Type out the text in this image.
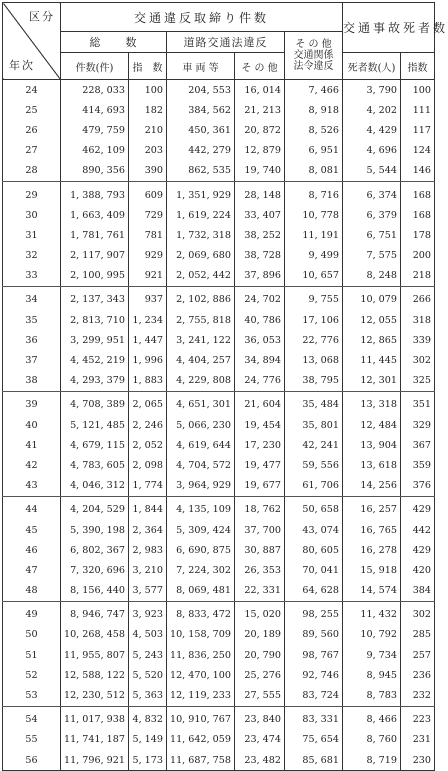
区分
年次	交通違反取締り件数					交通事故死者数	
	総　　数		道路交通法違反		そ の 他
交通関係
法令違反		

	件数(件)	指　数	車 両 等	そ の 他		死者数(人)	指数
24	228, 033	100	204, 553	16, 014	7, 466	3, 790	100
25	414, 693	182	384, 562	21, 213	8, 918	4, 202	111
26	479, 759	210	450, 361	20, 872	8, 526	4, 429	117
27	462, 109	203	442, 279	12, 879	6, 951	4, 696	124
28	890, 356	390	862, 535	19, 740	8, 081	5, 544	146
29	1, 388, 793	609	1, 351, 929	28, 148	8, 716	6, 374	168
30	1, 663, 409	729	1, 619, 224	33, 407	10, 778	6, 379	168
31	1, 781, 761	781	1, 732, 318	38, 252	11, 191	6, 751	178
32	2, 117, 907	929	2, 069, 680	38, 728	9, 499	7, 575	200
33	2, 100, 995	921	2, 052, 442	37, 896	10, 657	8, 248	218
34	2, 137, 343	937	2, 102, 886	24, 702	9, 755	10, 079	266
35	2, 813, 710	1, 234	2, 755, 818	40, 786	17, 106	12, 055	318
36	3, 299, 951	1, 447	3, 241, 122	36, 053	22, 776	12, 865	339
37	4, 452, 219	1, 996	4, 404, 257	34, 894	13, 068	11, 445	302
38	4, 293, 379	1, 883	4, 229, 808	24, 776	38, 795	12, 301	325
39	4, 708, 389	2, 065	4, 651, 301	21, 604	35, 484	13, 318	351
40	5, 121, 485	2, 246	5, 066, 230	19, 454	35, 801	12, 484	329
41	4, 679, 115	2, 052	4, 619, 644	17, 230	42, 241	13, 904	367
42	4, 783, 605	2, 098	4, 704, 572	19, 477	59, 556	13, 618	359
43	4, 046, 312	1, 774	3, 964, 929	19, 677	61, 706	14, 256	376
44	4, 204, 529	1, 844	4, 135, 109	18, 762	50, 658	16, 257	429
45	5, 390, 198	2, 364	5, 309, 424	37, 700	43, 074	16, 765	442
46	6, 802, 367	2, 983	6, 690, 875	30, 887	80, 605	16, 278	429
47	7, 320, 696	3, 210	7, 224, 302	26, 353	70, 041	15, 918	420
48	8, 156, 440	3, 577	8, 069, 481	22, 331	64, 628	14, 574	384
49	8, 946, 747	3, 923	8, 833, 472	15, 020	98, 255	11, 432	302
50	10, 268, 458	4, 503	10, 158, 709	20, 189	89, 560	10, 792	285
51	11, 955, 807	5, 243	11, 836, 250	20, 790	98, 767	9, 734	257
52	12, 588, 122	5, 520	12, 470, 100	25, 276	92, 746	8, 945	236
53	12, 230, 512	5, 363	12, 119, 233	27, 555	83, 724	8, 783	232
54	11, 017, 938	4, 832	10, 910, 767	23, 840	83, 331	8, 466	223
55	11, 741, 187	5, 149	11, 642, 059	23, 474	75, 654	8, 760	231
56	11, 796, 921	5, 173	11, 687, 758	23, 482	85, 681	8, 719	230
